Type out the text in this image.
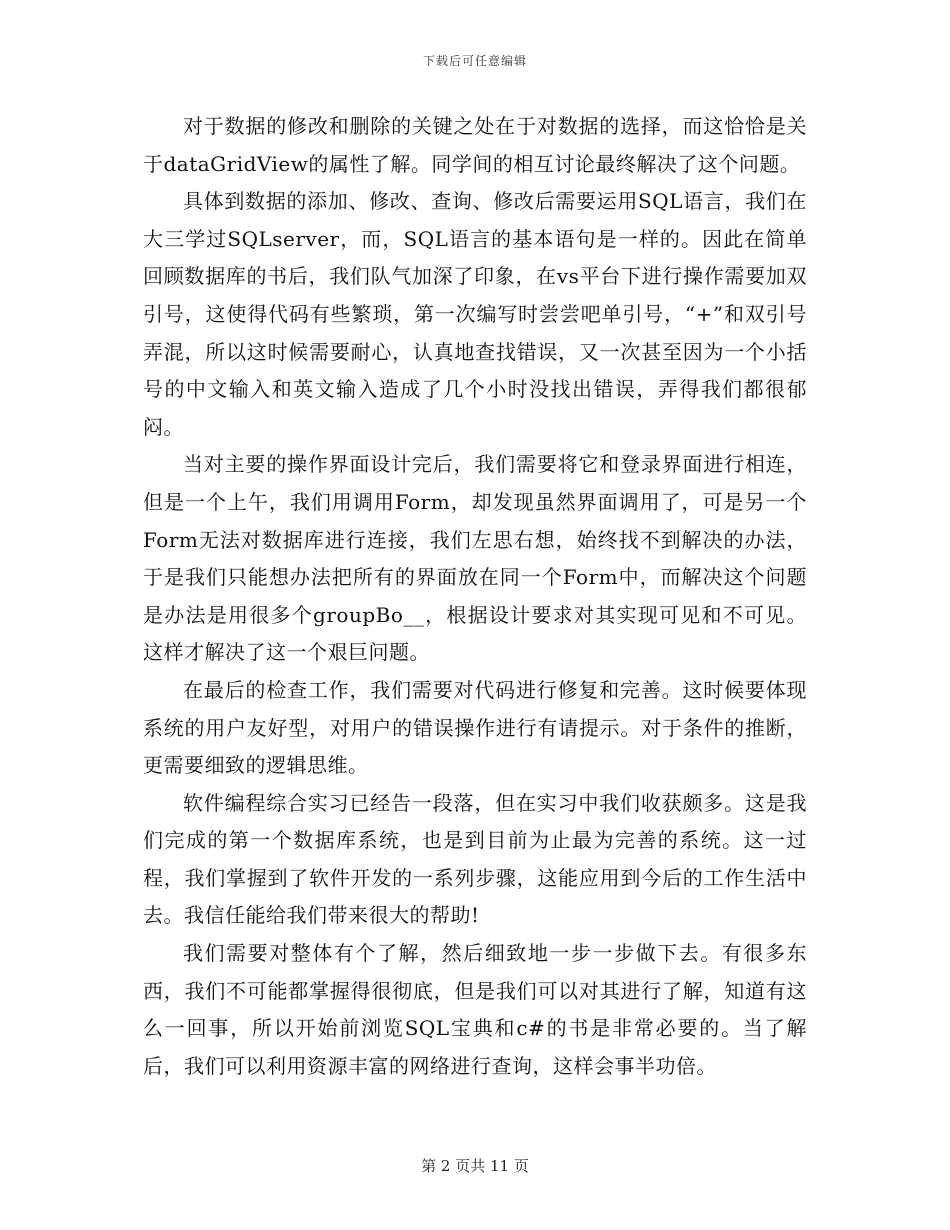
下载后可任意编辑

对于数据的修改和删除的关键之处在于对数据的选择，而这恰恰是关于dataGridView的属性了解。同学间的相互讨论最终解决了这个问题。

具体到数据的添加、修改、查询、修改后需要运用SQL语言，我们在大三学过SQLserver，而，SQL语言的基本语句是一样的。因此在简单回顾数据库的书后，我们队气加深了印象，在vs平台下进行操作需要加双引号，这使得代码有些繁琐，第一次编写时尝尝吧单引号，“+”和双引号弄混，所以这时候需要耐心，认真地查找错误，又一次甚至因为一个小括号的中文输入和英文输入造成了几个小时没找出错误，弄得我们都很郁闷。

当对主要的操作界面设计完后，我们需要将它和登录界面进行相连，但是一个上午，我们用调用Form，却发现虽然界面调用了，可是另一个Form无法对数据库进行连接，我们左思右想，始终找不到解决的办法，于是我们只能想办法把所有的界面放在同一个Form中，而解决这个问题是办法是用很多个groupBo__，根据设计要求对其实现可见和不可见。这样才解决了这一个艰巨问题。

在最后的检查工作，我们需要对代码进行修复和完善。这时候要体现系统的用户友好型，对用户的错误操作进行有请提示。对于条件的推断，更需要细致的逻辑思维。

软件编程综合实习已经告一段落，但在实习中我们收获颇多。这是我们完成的第一个数据库系统，也是到目前为止最为完善的系统。这一过程，我们掌握到了软件开发的一系列步骤，这能应用到今后的工作生活中去。我信任能给我们带来很大的帮助!

我们需要对整体有个了解，然后细致地一步一步做下去。有很多东西，我们不可能都掌握得很彻底，但是我们可以对其进行了解，知道有这么一回事，所以开始前浏览SQL宝典和c#的书是非常必要的。当了解后，我们可以利用资源丰富的网络进行查询，这样会事半功倍。

第 2 页共 11 页
